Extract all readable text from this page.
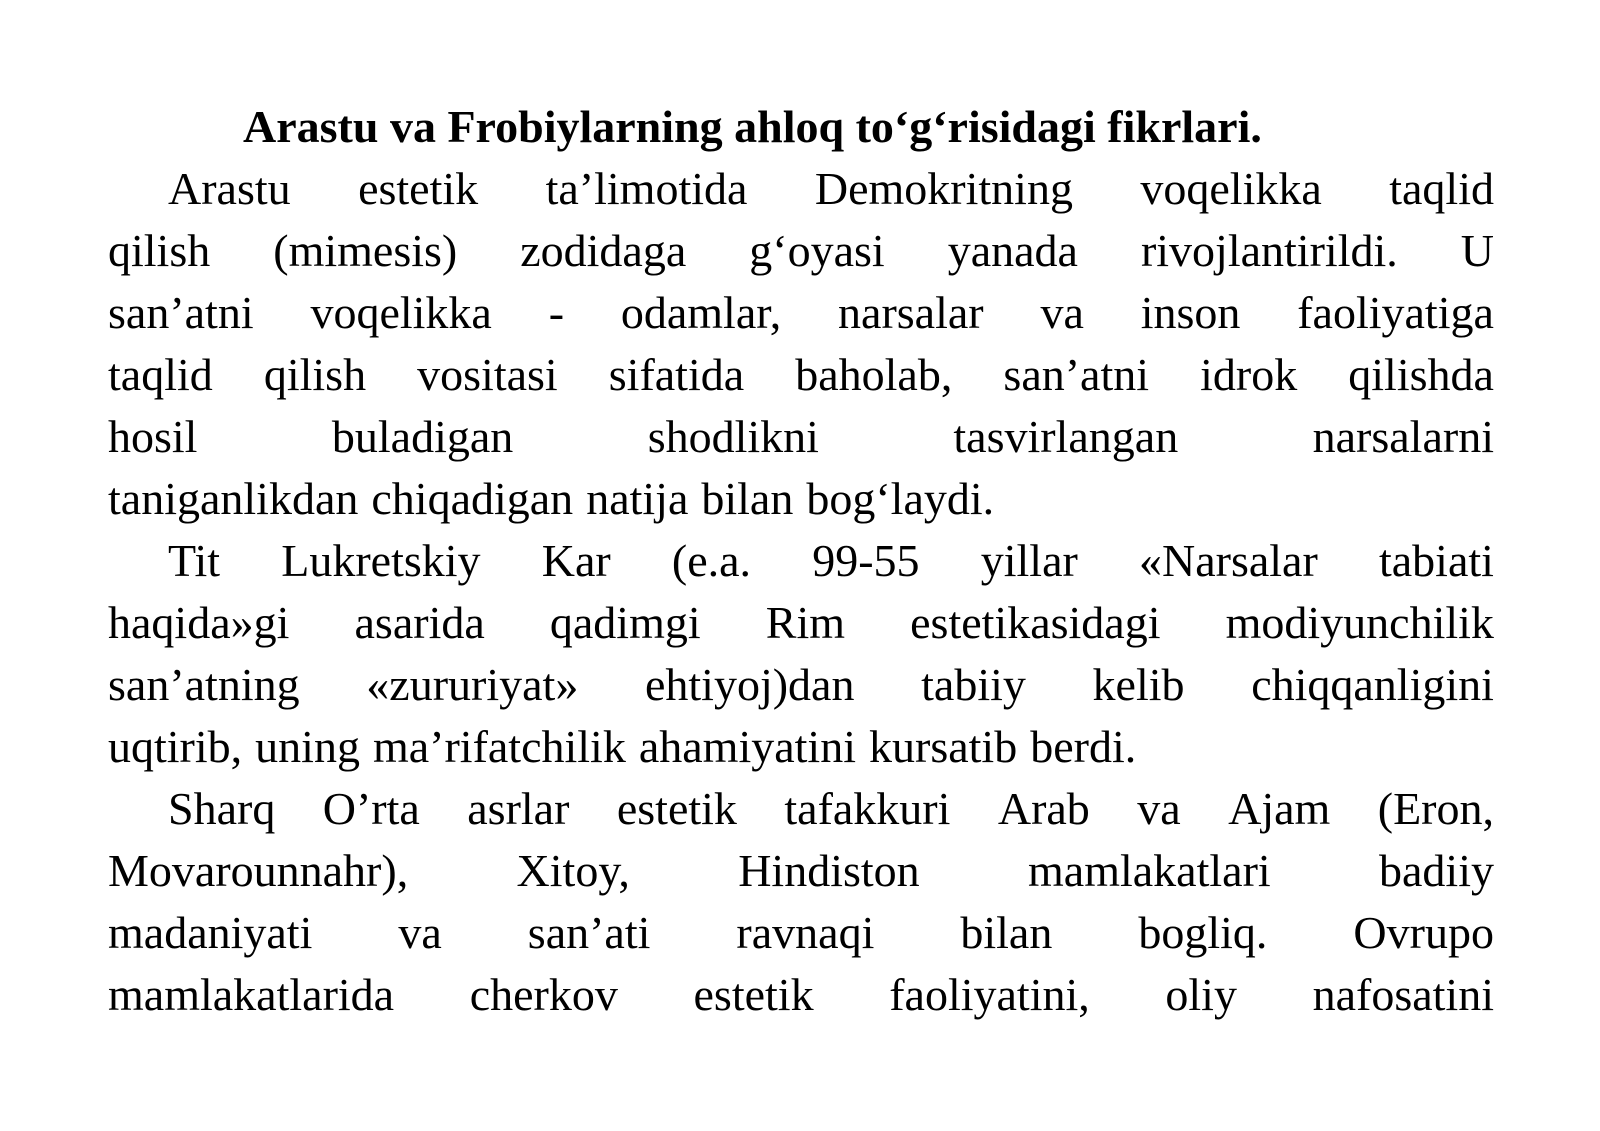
Arastu va Frobiylarning ahloq to‘g‘risidagi fikrlari.
Arastu estetik ta’limotida Demokritning voqelikka taqlid
qilish (mimesis) zodidaga g‘oyasi yanada rivojlantirildi. U
san’atni voqelikka - odamlar, narsalar va inson faoliyatiga
taqlid qilish vositasi sifatida baholab, san’atni idrok qilishda
hosil	buladigan	shodlikni	tasvirlangan	narsalarni
taniganlikdan chiqadigan natija bilan bog‘laydi.
Tit Lukretskiy Kar (e.a. 99-55 yillar «Narsalar tabiati
haqida»gi asarida qadimgi Rim estetikasidagi modiyunchilik
san’atning «zururiyat» ehtiyoj)dan tabiiy kelib chiqqanligini
uqtirib, uning ma’rifatchilik ahamiyatini kursatib berdi.
Sharq O’rta asrlar estetik tafakkuri Arab va Ajam (Eron,
Movarounnahr), Xitoy, Hindiston mamlakatlari badiiy
madaniyati va san’ati ravnaqi bilan bogliq. Ovrupo
mamlakatlarida cherkov estetik faoliyatini, oliy nafosatini
